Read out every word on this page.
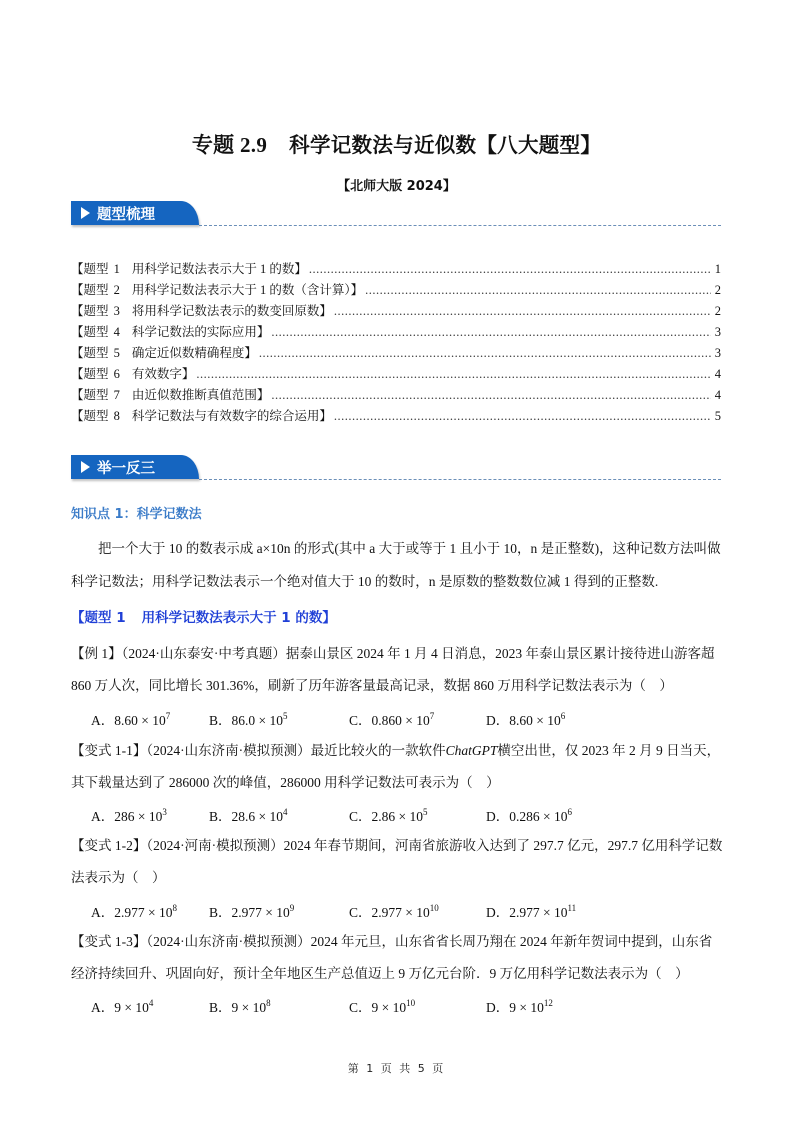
专题 2.9 科学记数法与近似数【八大题型】
【北师大版 2024】
题型梳理
【题型 1 用科学记数法表示大于 1 的数】 .....	1
【题型 2 用科学记数法表示大于 1 的数（含计算）】 .....	2
【题型 3 将用科学记数法表示的数变回原数】 .....	2
【题型 4 科学记数法的实际应用】 .....	3
【题型 5 确定近似数精确程度】 .....	3
【题型 6 有效数字】 .....	4
【题型 7 由近似数推断真值范围】 .....	4
【题型 8 科学记数法与有效数字的综合运用】 .....	5
举一反三
知识点 1：科学记数法
把一个大于 10 的数表示成 a×10n 的形式(其中 a 大于或等于 1 且小于 10，n 是正整数)，这种记数方法叫做科学记数法；用科学记数法表示一个绝对值大于 10 的数时，n 是原数的整数数位减 1 得到的正整数.
【题型 1 用科学记数法表示大于 1 的数】
【例 1】（2024·山东泰安·中考真题）据泰山景区 2024 年 1 月 4 日消息，2023 年泰山景区累计接待进山游客超 860 万人次，同比增长 301.36%，刷新了历年游客量最高记录，数据 860 万用科学记数法表示为（　）
A．$8.60 \times 10^7$	B．$86.0 \times 10^5$	C．$0.860 \times 10^7$	D．$8.60 \times 10^6$
【变式 1-1】（2024·山东济南·模拟预测）最近比较火的一款软件ChatGPT横空出世，仅 2023 年 2 月 9 日当天，其下载量达到了 286000 次的峰值，286000 用科学记数法可表示为（　）
A．$286 \times 10^3$	B．$28.6 \times 10^4$	C．$2.86 \times 10^5$	D．$0.286 \times 10^6$
【变式 1-2】（2024·河南·模拟预测）2024 年春节期间，河南省旅游收入达到了 297.7 亿元，297.7 亿用科学记数法表示为（　）
A．$2.977 \times 10^8$	B．$2.977 \times 10^9$	C．$2.977 \times 10^{10}$	D．$2.977 \times 10^{11}$
【变式 1-3】（2024·山东济南·模拟预测）2024 年元旦，山东省省长周乃翔在 2024 年新年贺词中提到，山东省经济持续回升、巩固向好，预计全年地区生产总值迈上 9 万亿元台阶．9 万亿用科学记数法表示为（　）
A．$9 \times 10^4$	B．$9 \times 10^8$	C．$9 \times 10^{10}$	D．$9 \times 10^{12}$
第 1 页 共 5 页
